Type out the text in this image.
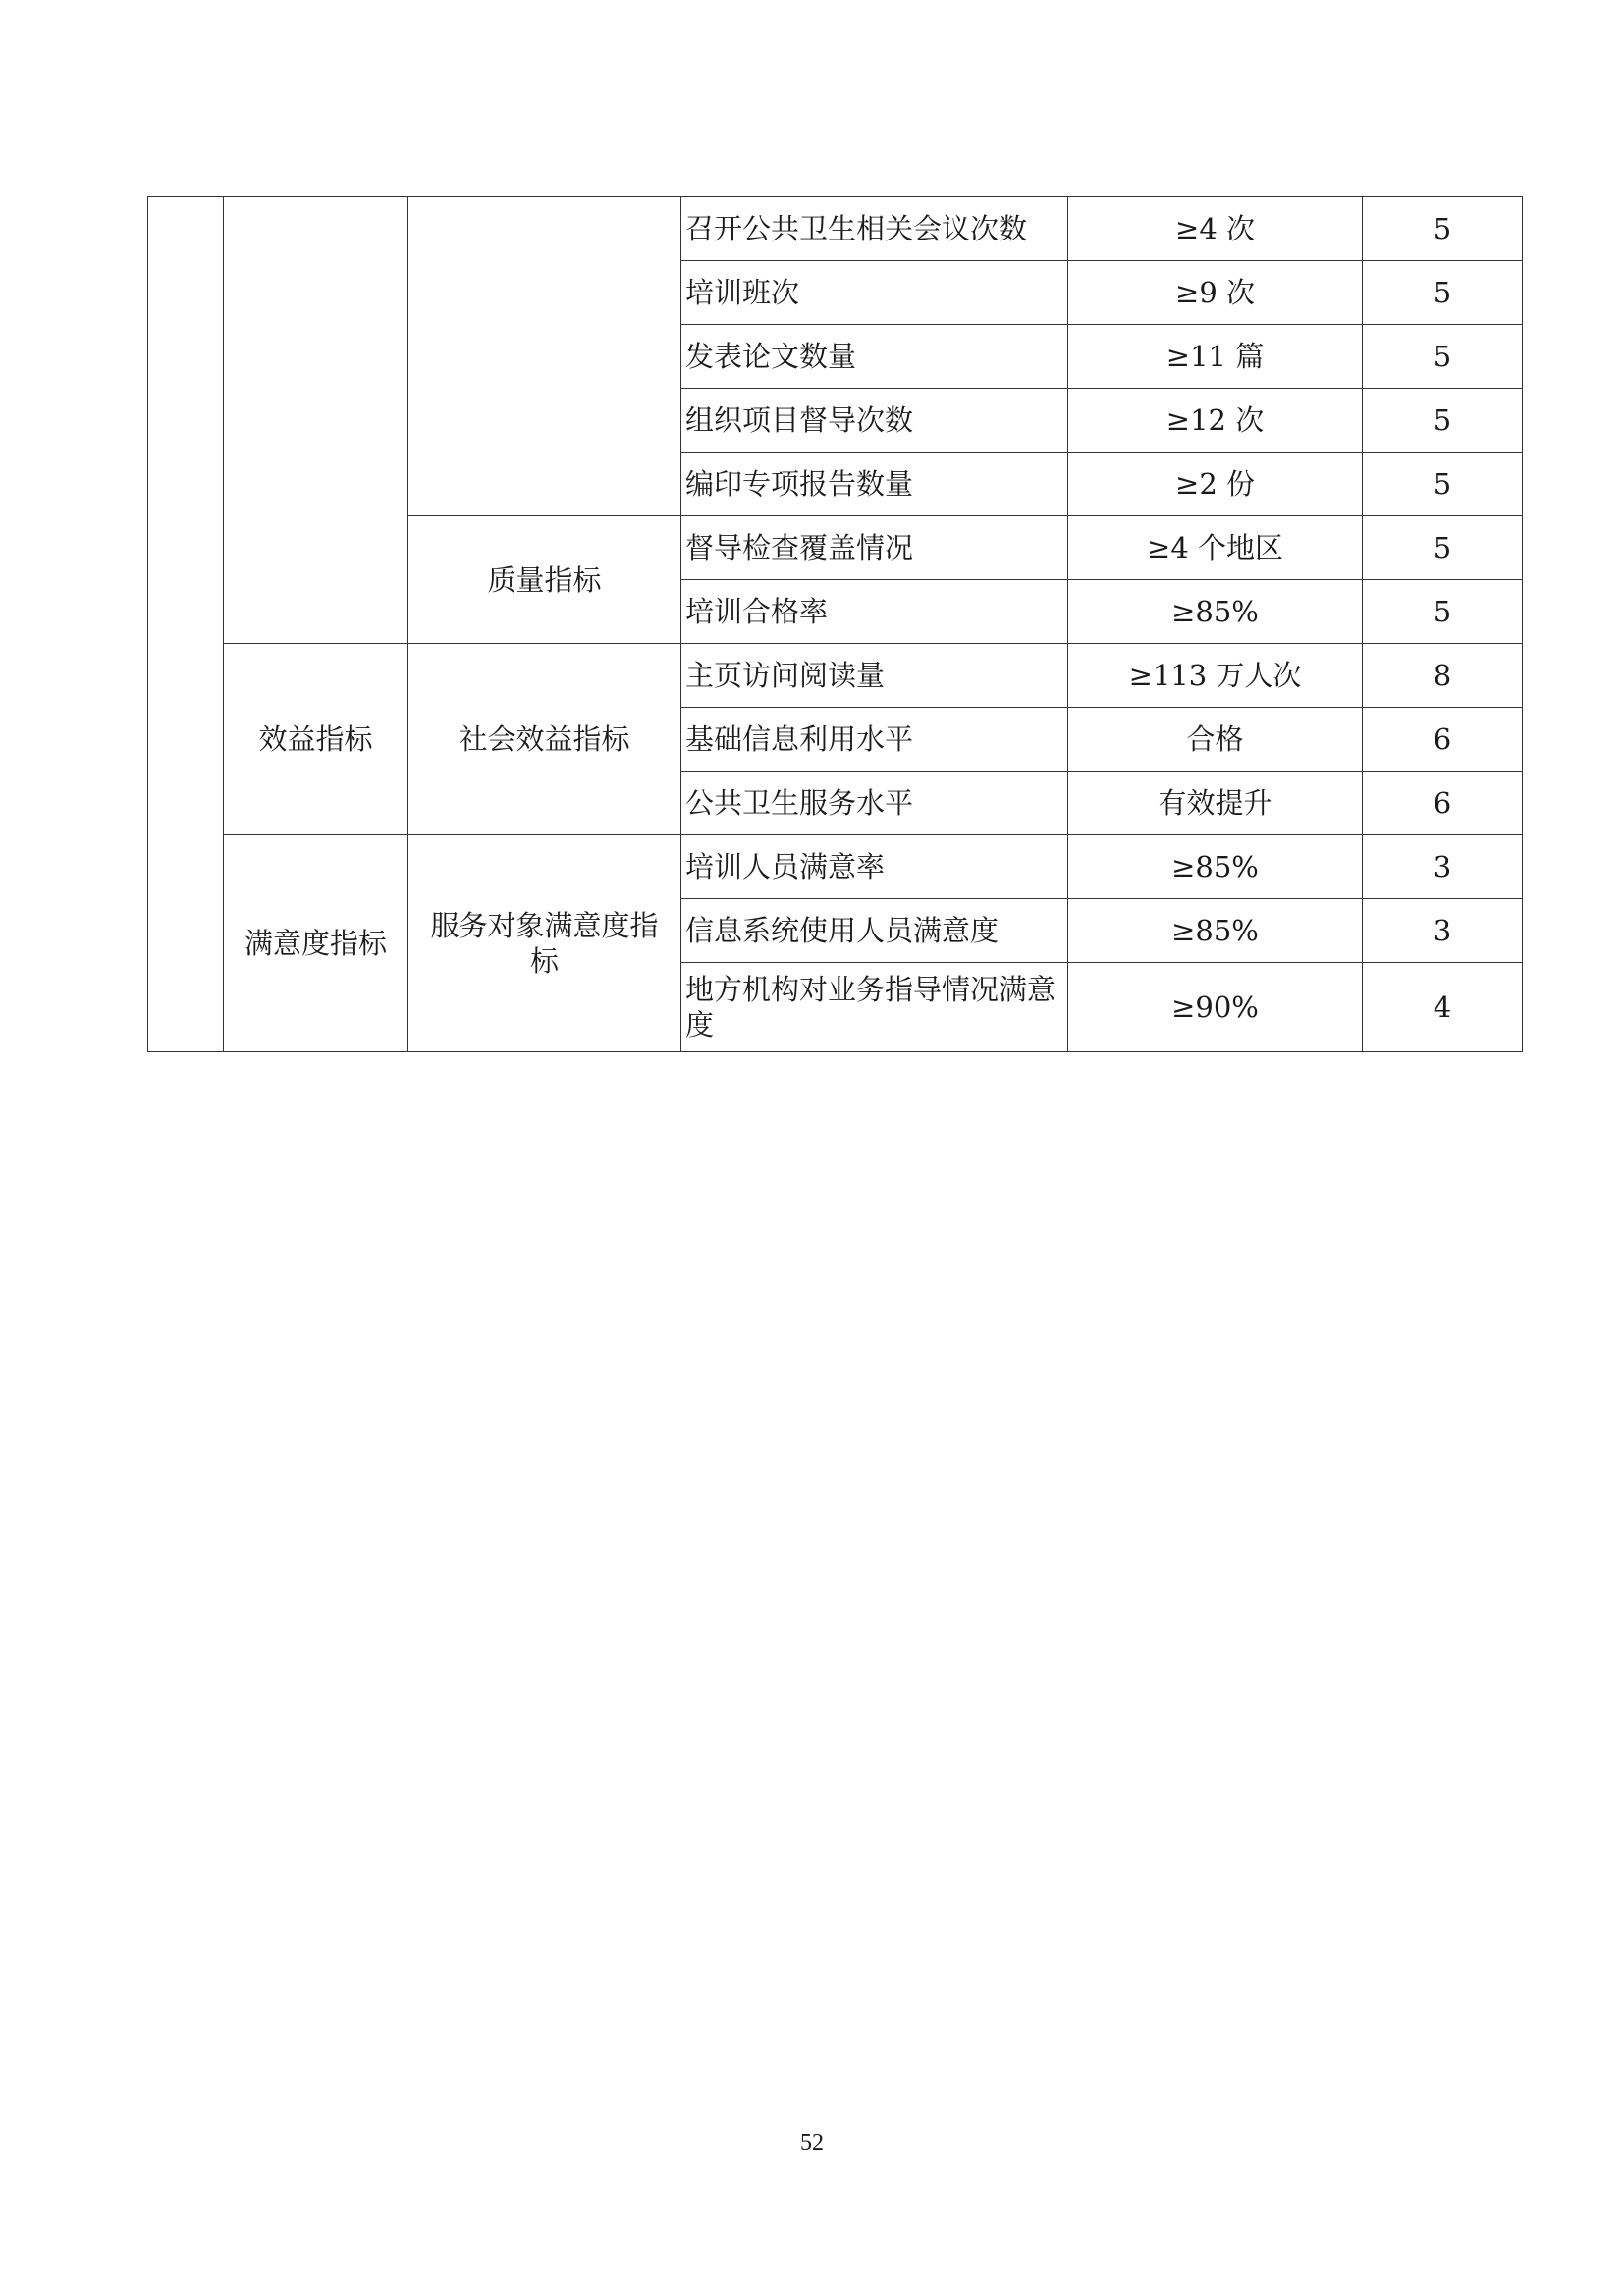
			召开公共卫生相关会议次数	≥4 次	5
			培训班次	≥9 次	5
			发表论文数量	≥11 篇	5
			组织项目督导次数	≥12 次	5
			编印专项报告数量	≥2 份	5
		质量指标	督导检查覆盖情况	≥4 个地区	5
			培训合格率	≥85%	5
	效益指标	社会效益指标	主页访问阅读量	≥113 万人次	8
			基础信息利用水平	合格	6
			公共卫生服务水平	有效提升	6
	满意度指标	服务对象满意度指标	培训人员满意率	≥85%	3
			信息系统使用人员满意度	≥85%	3
			地方机构对业务指导情况满意度	≥90%	4
52
